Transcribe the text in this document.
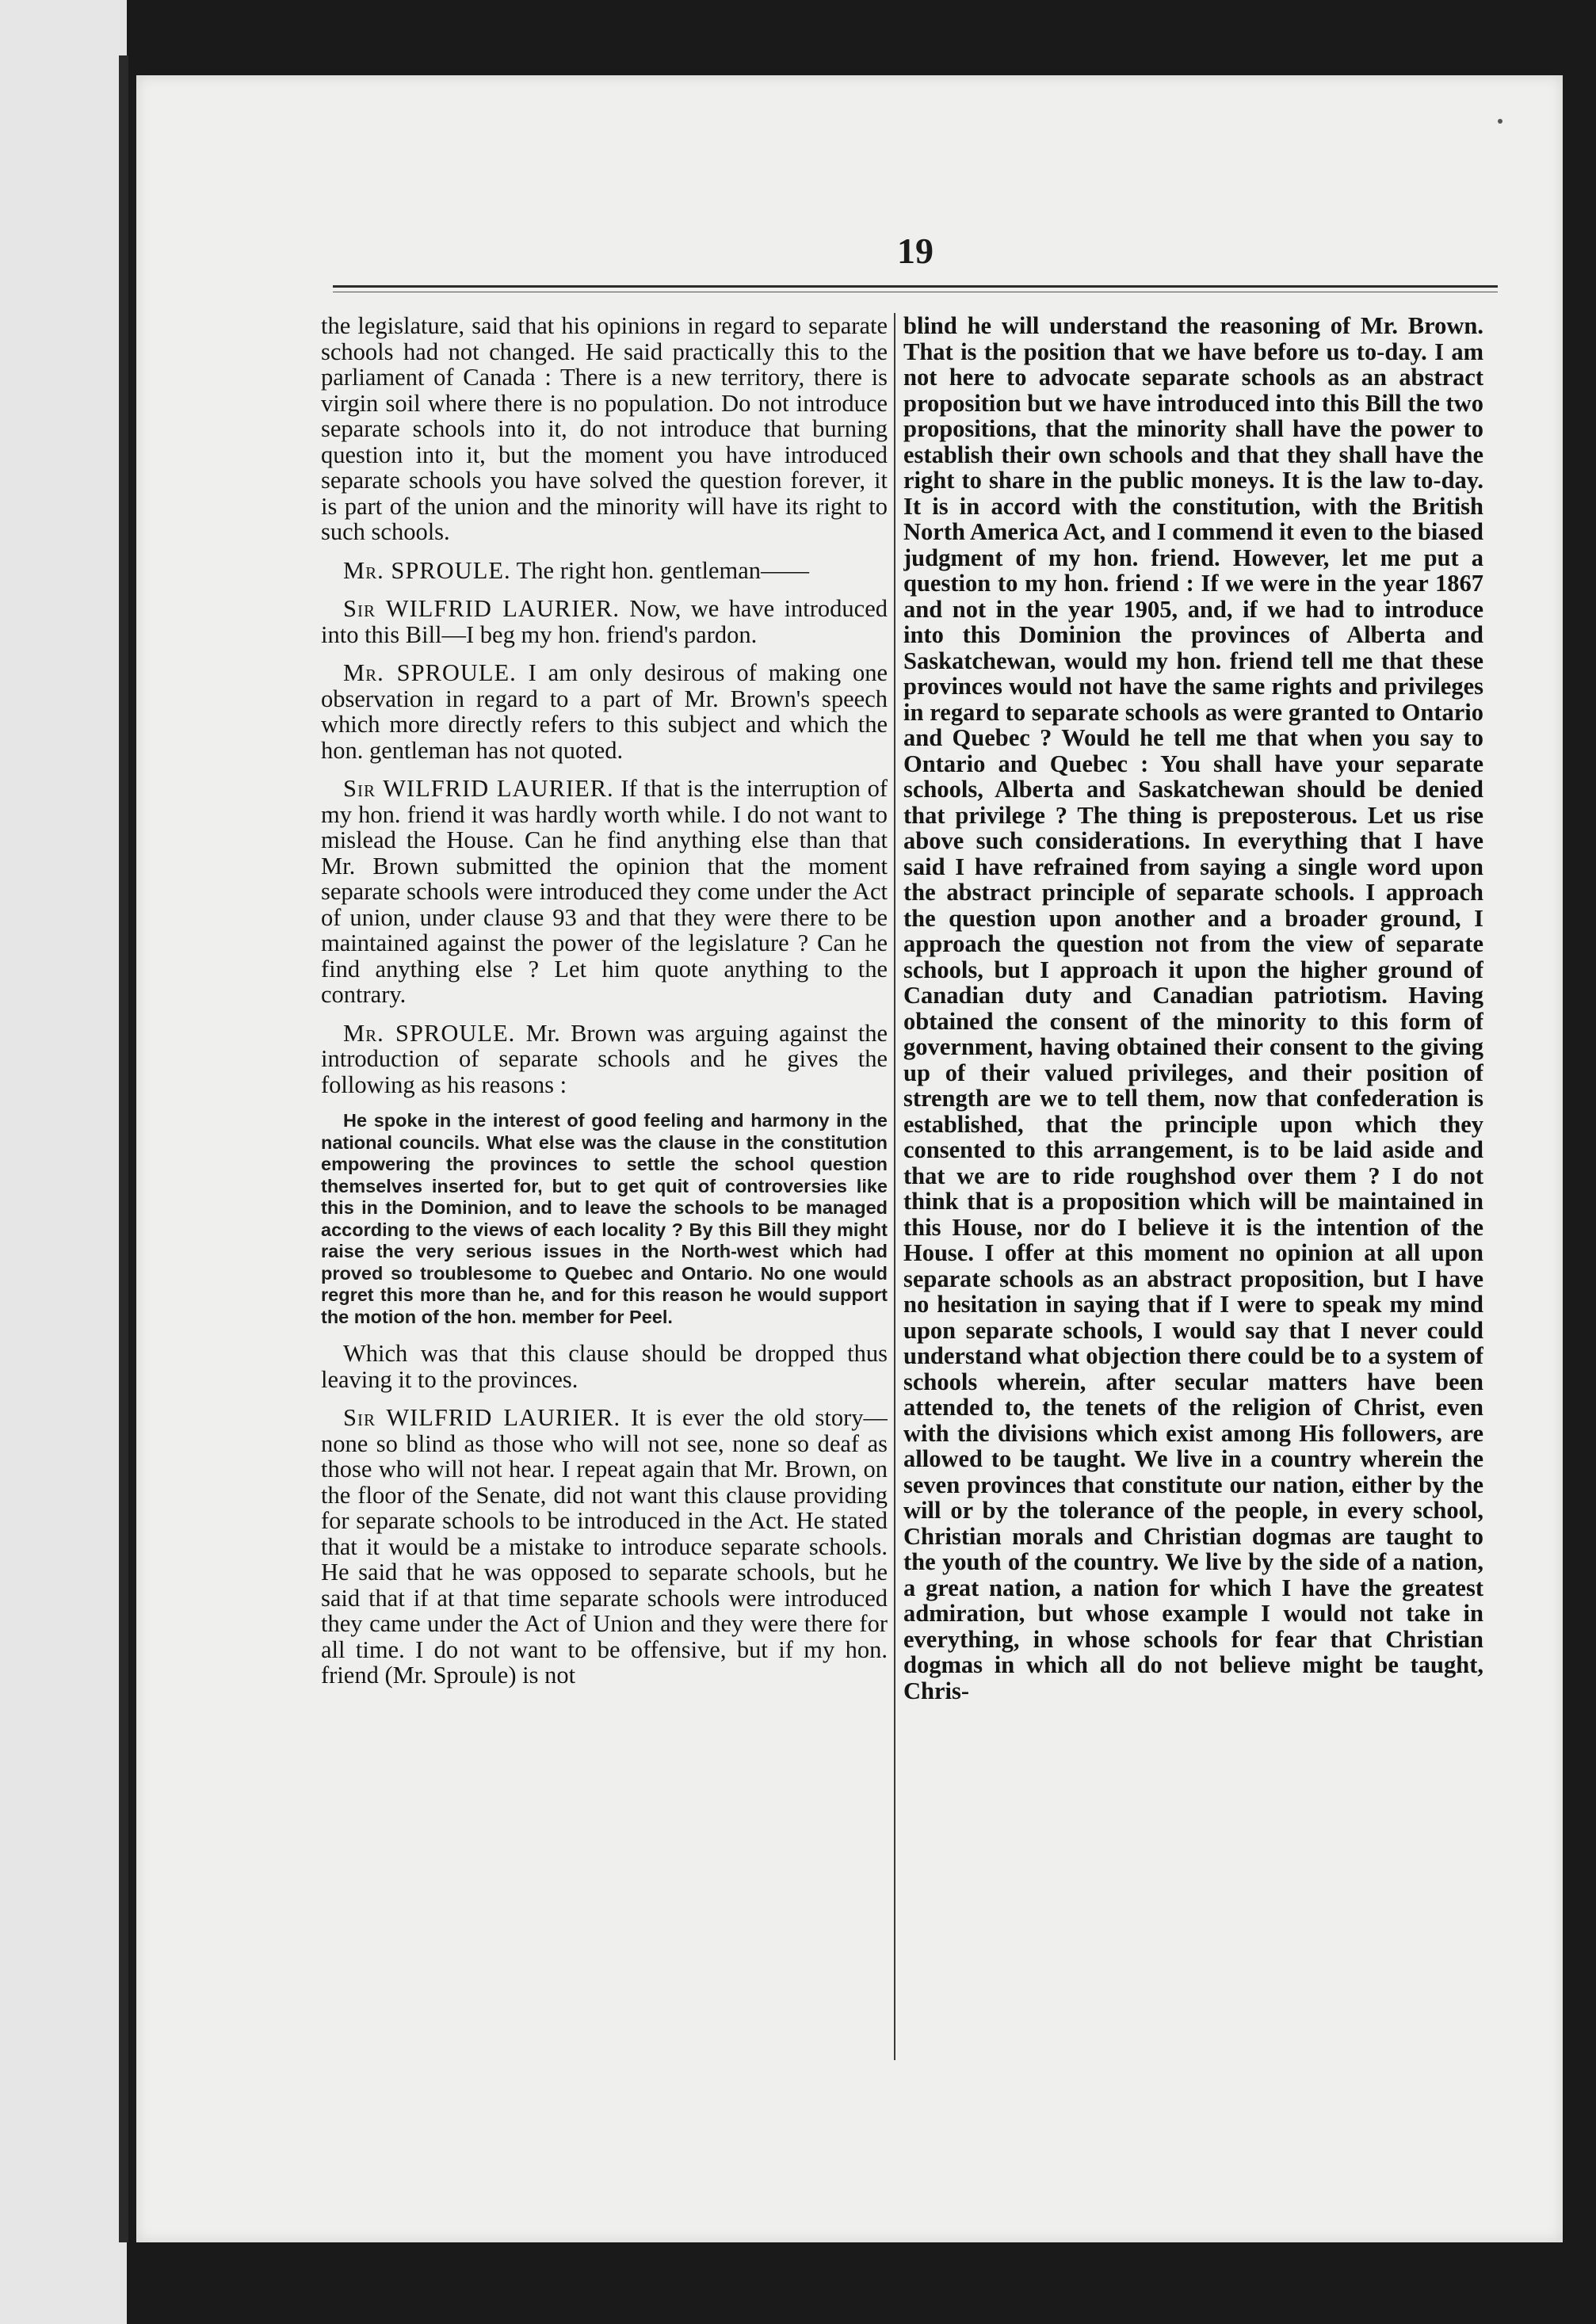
19

the legislature, said that his opinions in regard to separate schools had not changed. He said practically this to the parliament of Canada : There is a new territory, there is virgin soil where there is no population. Do not introduce separate schools into it, do not introduce that burning question into it, but the moment you have introduced separate schools you have solved the question forever, it is part of the union and the minority will have its right to such schools.

Mr. SPROULE. The right hon. gentleman——

Sir WILFRID LAURIER. Now, we have introduced into this Bill—I beg my hon. friend's pardon.

Mr. SPROULE. I am only desirous of making one observation in regard to a part of Mr. Brown's speech which more directly refers to this subject and which the hon. gentleman has not quoted.

Sir WILFRID LAURIER. If that is the interruption of my hon. friend it was hardly worth while. I do not want to mislead the House. Can he find anything else than that Mr. Brown submitted the opinion that the moment separate schools were introduced they come under the Act of union, under clause 93 and that they were there to be maintained against the power of the legislature ? Can he find anything else ? Let him quote anything to the contrary.

Mr. SPROULE. Mr. Brown was arguing against the introduction of separate schools and he gives the following as his reasons :

He spoke in the interest of good feeling and harmony in the national councils. What else was the clause in the constitution empowering the provinces to settle the school question themselves inserted for, but to get quit of controversies like this in the Dominion, and to leave the schools to be managed according to the views of each locality ? By this Bill they might raise the very serious issues in the North-west which had proved so troublesome to Quebec and Ontario. No one would regret this more than he, and for this reason he would support the motion of the hon. member for Peel.

Which was that this clause should be dropped thus leaving it to the provinces.

Sir WILFRID LAURIER. It is ever the old story—none so blind as those who will not see, none so deaf as those who will not hear. I repeat again that Mr. Brown, on the floor of the Senate, did not want this clause providing for separate schools to be introduced in the Act. He stated that it would be a mistake to introduce separate schools. He said that he was opposed to separate schools, but he said that if at that time separate schools were introduced they came under the Act of Union and they were there for all time. I do not want to be offensive, but if my hon. friend (Mr. Sproule) is not

blind he will understand the reasoning of Mr. Brown. That is the position that we have before us to-day. I am not here to advocate separate schools as an abstract proposition but we have introduced into this Bill the two propositions, that the minority shall have the power to establish their own schools and that they shall have the right to share in the public moneys. It is the law to-day. It is in accord with the constitution, with the British North America Act, and I commend it even to the biased judgment of my hon. friend. However, let me put a question to my hon. friend : If we were in the year 1867 and not in the year 1905, and, if we had to introduce into this Dominion the provinces of Alberta and Saskatchewan, would my hon. friend tell me that these provinces would not have the same rights and privileges in regard to separate schools as were granted to Ontario and Quebec ? Would he tell me that when you say to Ontario and Quebec : You shall have your separate schools, Alberta and Saskatchewan should be denied that privilege ? The thing is preposterous. Let us rise above such considerations. In everything that I have said I have refrained from saying a single word upon the abstract principle of separate schools. I approach the question upon another and a broader ground, I approach the question not from the view of separate schools, but I approach it upon the higher ground of Canadian duty and Canadian patriotism. Having obtained the consent of the minority to this form of government, having obtained their consent to the giving up of their valued privileges, and their position of strength are we to tell them, now that confederation is established, that the principle upon which they consented to this arrangement, is to be laid aside and that we are to ride roughshod over them ? I do not think that is a proposition which will be maintained in this House, nor do I believe it is the intention of the House. I offer at this moment no opinion at all upon separate schools as an abstract proposition, but I have no hesitation in saying that if I were to speak my mind upon separate schools, I would say that I never could understand what objection there could be to a system of schools wherein, after secular matters have been attended to, the tenets of the religion of Christ, even with the divisions which exist among His followers, are allowed to be taught. We live in a country wherein the seven provinces that constitute our nation, either by the will or by the tolerance of the people, in every school, Christian morals and Christian dogmas are taught to the youth of the country. We live by the side of a nation, a great nation, a nation for which I have the greatest admiration, but whose example I would not take in everything, in whose schools for fear that Christian dogmas in which all do not believe might be taught, Chris-
